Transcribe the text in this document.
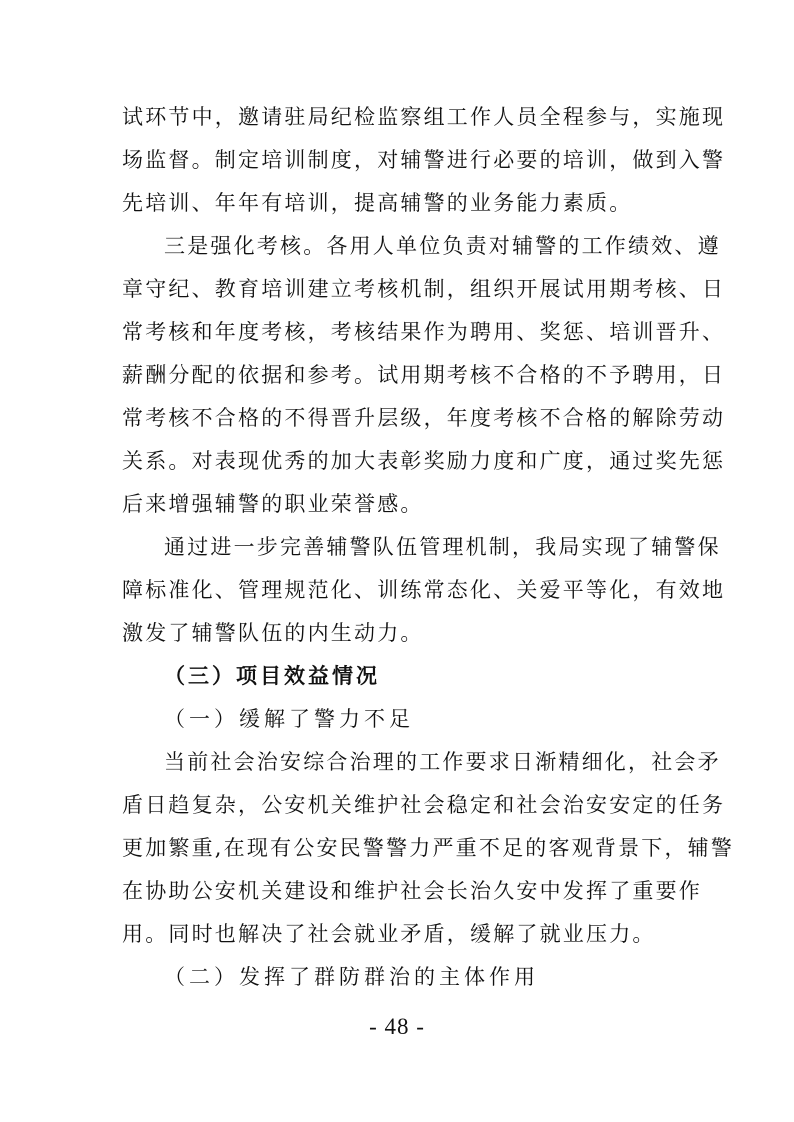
试环节中，邀请驻局纪检监察组工作人员全程参与，实施现
场监督。制定培训制度，对辅警进行必要的培训，做到入警
先培训、年年有培训，提高辅警的业务能力素质。
三是强化考核。各用人单位负责对辅警的工作绩效、遵
章守纪、教育培训建立考核机制，组织开展试用期考核、日
常考核和年度考核，考核结果作为聘用、奖惩、培训晋升、
薪酬分配的依据和参考。试用期考核不合格的不予聘用，日
常考核不合格的不得晋升层级，年度考核不合格的解除劳动
关系。对表现优秀的加大表彰奖励力度和广度，通过奖先惩
后来增强辅警的职业荣誉感。
通过进一步完善辅警队伍管理机制，我局实现了辅警保
障标准化、管理规范化、训练常态化、关爱平等化，有效地
激发了辅警队伍的内生动力。
（三）项目效益情况
（一）缓解了警力不足
当前社会治安综合治理的工作要求日渐精细化，社会矛
盾日趋复杂，公安机关维护社会稳定和社会治安安定的任务
更加繁重,在现有公安民警警力严重不足的客观背景下，辅警
在协助公安机关建设和维护社会长治久安中发挥了重要作
用。同时也解决了社会就业矛盾，缓解了就业压力。
（二）发挥了群防群治的主体作用
- 48 -
